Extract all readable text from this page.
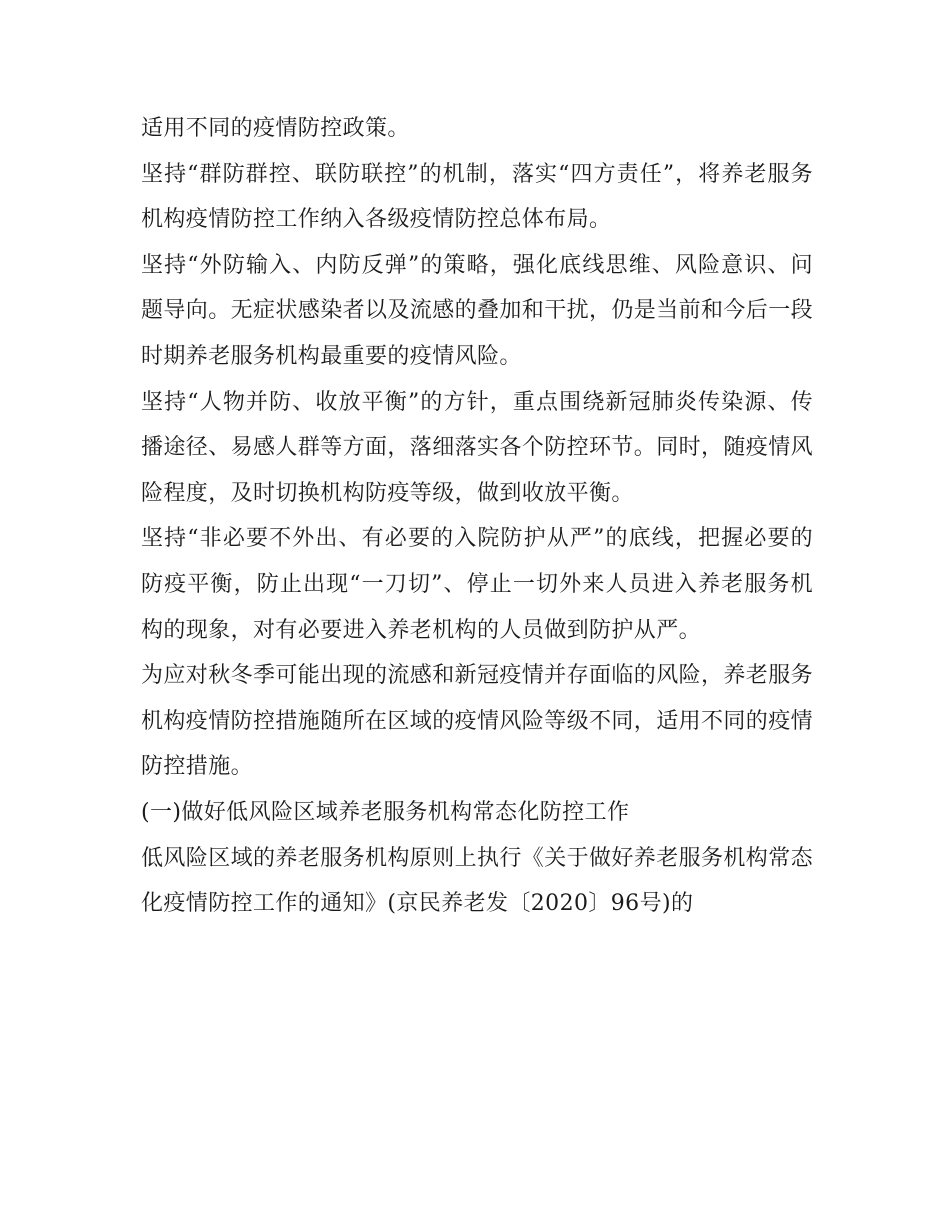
适用不同的疫情防控政策。

坚持“群防群控、联防联控”的机制，落实“四方责任”，将养老服务机构疫情防控工作纳入各级疫情防控总体布局。

坚持“外防输入、内防反弹”的策略，强化底线思维、风险意识、问题导向。无症状感染者以及流感的叠加和干扰，仍是当前和今后一段时期养老服务机构最重要的疫情风险。

坚持“人物并防、收放平衡”的方针，重点围绕新冠肺炎传染源、传播途径、易感人群等方面，落细落实各个防控环节。同时，随疫情风险程度，及时切换机构防疫等级，做到收放平衡。

坚持“非必要不外出、有必要的入院防护从严”的底线，把握必要的防疫平衡，防止出现“一刀切”、停止一切外来人员进入养老服务机构的现象，对有必要进入养老机构的人员做到防护从严。

为应对秋冬季可能出现的流感和新冠疫情并存面临的风险，养老服务机构疫情防控措施随所在区域的疫情风险等级不同，适用不同的疫情防控措施。

(一)做好低风险区域养老服务机构常态化防控工作

低风险区域的养老服务机构原则上执行《关于做好养老服务机构常态化疫情防控工作的通知》(京民养老发〔2020〕96号)的
